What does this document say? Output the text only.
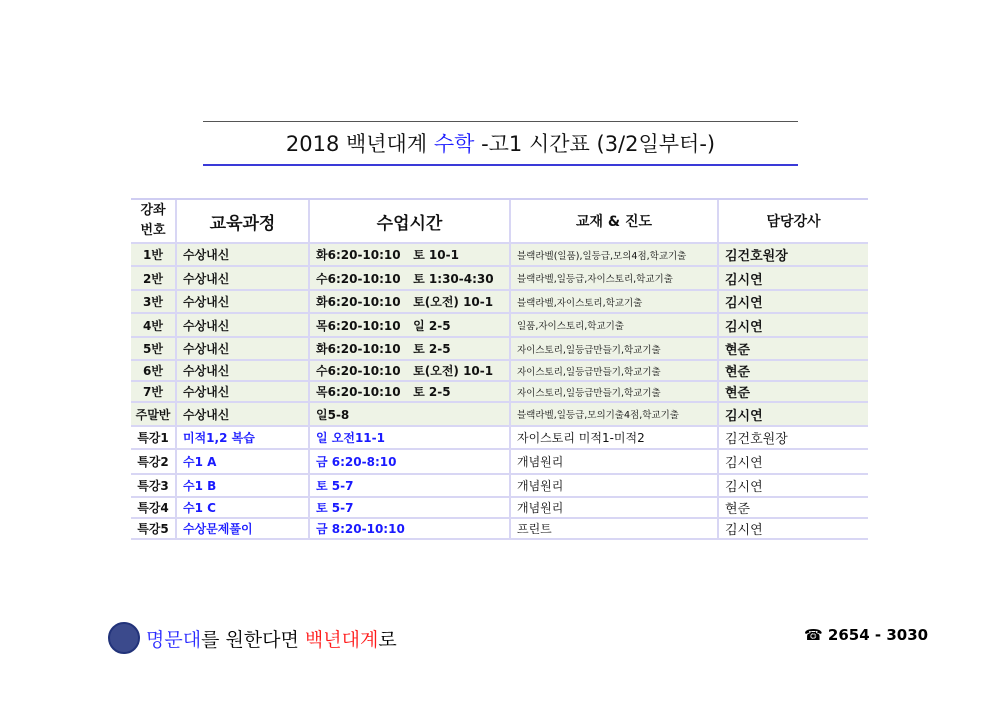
2018 백년대계 수학 -고1 시간표 (3/2일부터-)
강좌
번호	교육과정	수업시간	교재 & 진도	담당강사
1반	수상내신	화6:20-10:10   토 10-1	블랙라벨(일품),일등급,모의4점,학교기출	김건호원장
2반	수상내신	수6:20-10:10   토 1:30-4:30	블랙라벨,일등급,자이스토리,학교기출	김시연
3반	수상내신	화6:20-10:10   토(오전) 10-1	블랙라벨,자이스토리,학교기출	김시연
4반	수상내신	목6:20-10:10   일 2-5	일품,자이스토리,학교기출	김시연
5반	수상내신	화6:20-10:10   토 2-5	자이스토리,일등급만들기,학교기출	현준
6반	수상내신	수6:20-10:10   토(오전) 10-1	자이스토리,일등급만들기,학교기출	현준
7반	수상내신	목6:20-10:10   토 2-5	자이스토리,일등급만들기,학교기출	현준
주말반	수상내신	일5-8	블랙라벨,일등급,모의기출4점,학교기출	김시연
특강1	미적1,2 복습	일 오전11-1	자이스토리 미적1-미적2	김건호원장
특강2	수1 A	금 6:20-8:10	개념원리	김시연
특강3	수1 B	토 5-7	개념원리	김시연
특강4	수1 C	토 5-7	개념원리	현준
특강5	수상문제풀이	금 8:20-10:10	프린트	김시연
명문대를 원한다면 백년대계로	☎ 2654 - 3030
